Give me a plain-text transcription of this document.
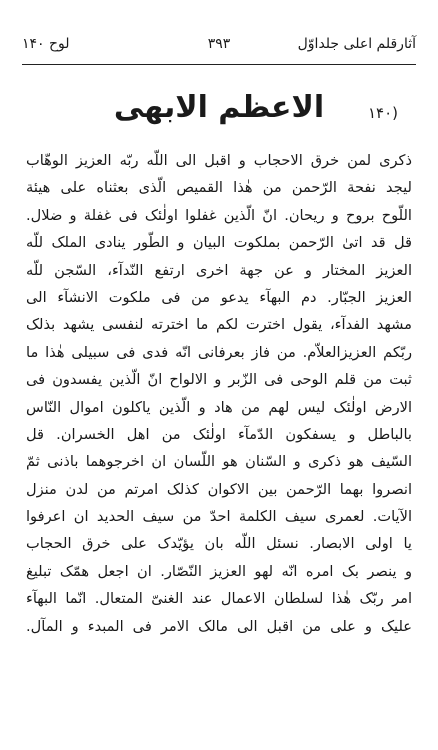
لوح ۱۴۰	۳۹۳	آثارقلم اعلی جلداوّل
(۱۴۰
الاعظم الابهی
ذکری لمن خرق الاحجاب و اقبل الی اللّه ربّه العزیز الوهّاب
لیجد نفحة الرّحمن من هٰذا القمیص الّذی بعثناه علی هیئة
اللّوح بروح و ریحان. انّ الّذین غفلوا اولٰئک فی غفلة و ضلال.
قل قد اتیٰ الرّحمن بملکوت البیان و الطّور ینادی الملک للّه
العزیز المختار و عن جهة اخری ارتفع النّدآء، السّجن للّه
العزیز الجبّار. دم البهآء یدعو من فی ملکوت الانشآء الی
مشهد الفدآء، یقول اخترت لکم ما اخترته لنفسی یشهد بذلک
ربّکم العزیزالعلاّم. من فاز بعرفانی انّه فدی فی سبیلی هٰذا ما
ثبت من قلم الوحی فی الزّبر و الالواح انّ الّذین یفسدون فی
الارض اولٰئک لیس لهم من هاد و الّذین یاکلون اموال النّاس
بالباطل و یسفکون الدّمآء اولٰئک من اهل الخسران. قل
السّیف هو ذکری و السّنان هو اللّسان ان اخرجوهما باذنی ثمّ
انصروا بهما الرّحمن بین الاکوان کذلک امرتم من لدن منزل
الآیات. لعمری سیف الکلمة احدّ من سیف الحدید ان اعرفوا
یا اولی الابصار. نسئل اللّه بان یؤیّدک علی خرق الحجاب
و ینصر بک امره انّه لهو العزیز النّصّار. ان اجعل همّک تبلیغ
امر ربّک هٰذا لسلطان الاعمال عند الغنیّ المتعال. انّما البهآء
علیک و علی من اقبل الی مالک الامر فی المبدء و المآل.
